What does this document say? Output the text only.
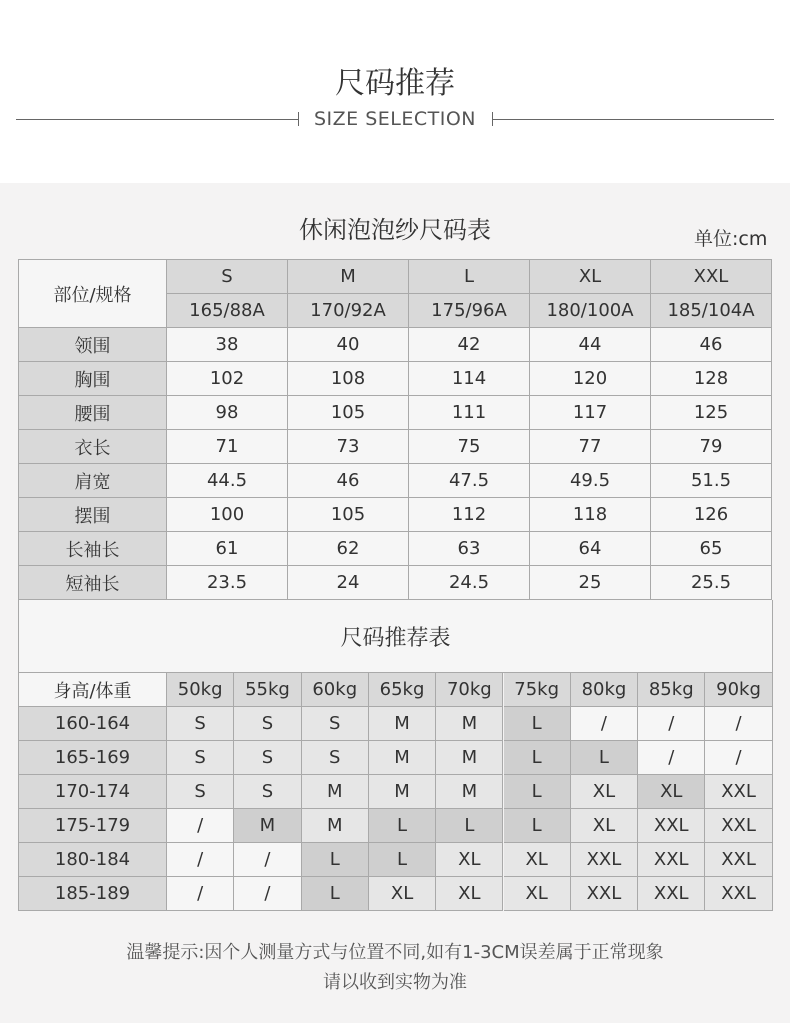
尺码推荐
SIZE SELECTION
休闲泡泡纱尺码表	单位:cm
部位/规格
S	M	L	XL	XXL
165/88A	170/92A	175/96A	180/100A	185/104A
领围	38	40	42	44	46
胸围	102	108	114	120	128
腰围	98	105	111	117	125
衣长	71	73	75	77	79
肩宽	44.5	46	47.5	49.5	51.5
摆围	100	105	112	118	126
长袖长	61	62	63	64	65
短袖长	23.5	24	24.5	25	25.5
尺码推荐表
身高/体重	50kg	55kg	60kg	65kg	70kg	75kg	80kg	85kg	90kg
160-164	S	S	S	M	M	L	/	/	/
165-169	S	S	S	M	M	L	L	/	/
170-174	S	S	M	M	M	L	XL	XL	XXL
175-179	/	M	M	L	L	L	XL	XXL	XXL
180-184	/	/	L	L	XL	XL	XXL	XXL	XXL
185-189	/	/	L	XL	XL	XL	XXL	XXL	XXL
温馨提示:因个人测量方式与位置不同,如有1-3CM误差属于正常现象
请以收到实物为准
